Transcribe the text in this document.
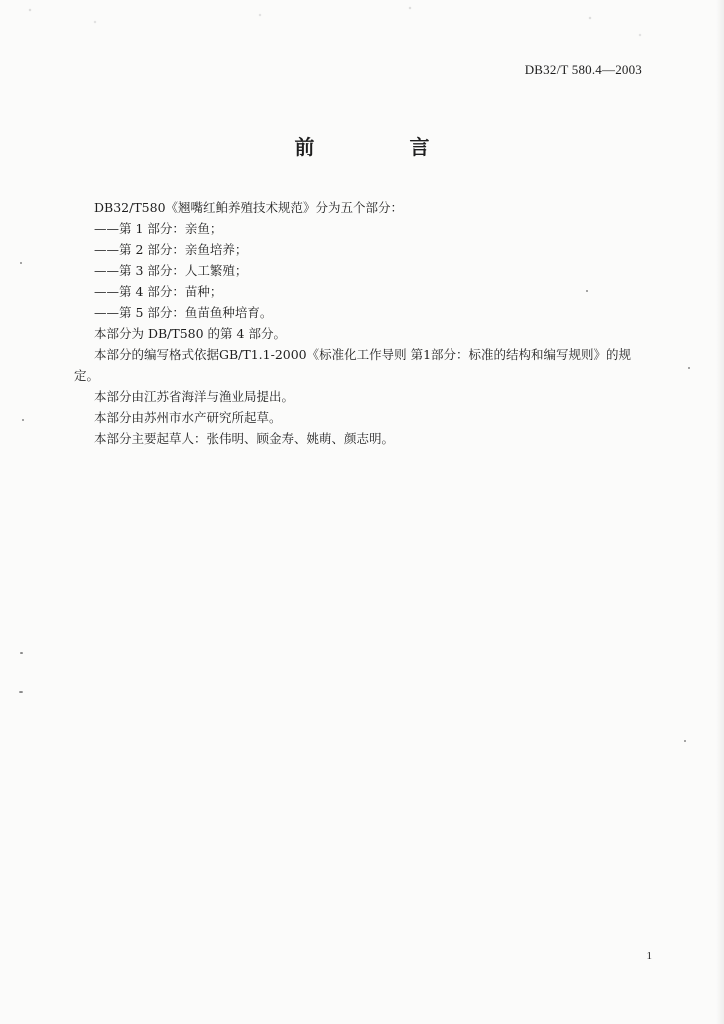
DB32/T 580.4—2003
前 言
DB32/T580《翘嘴红鲌养殖技术规范》分为五个部分：
——第 1 部分：亲鱼；
——第 2 部分：亲鱼培养；
——第 3 部分：人工繁殖；
——第 4 部分：苗种；
——第 5 部分：鱼苗鱼种培育。
本部分为 DB/T580 的第 4 部分。
本部分的编写格式依据GB/T1.1-2000《标准化工作导则 第1部分：标准的结构和编写规则》的规
定。
本部分由江苏省海洋与渔业局提出。
本部分由苏州市水产研究所起草。
本部分主要起草人：张伟明、顾金寿、姚萌、颜志明。
1
